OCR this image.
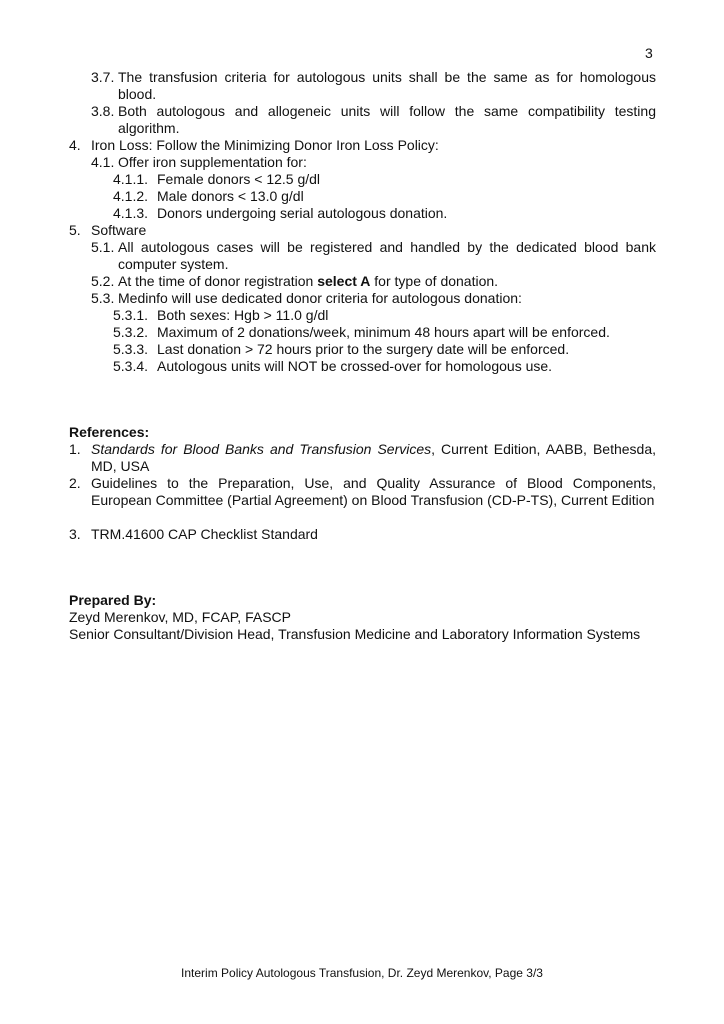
3
3.7. The transfusion criteria for autologous units shall be the same as for homologous blood.
3.8. Both autologous and allogeneic units will follow the same compatibility testing algorithm.
4. Iron Loss: Follow the Minimizing Donor Iron Loss Policy:
4.1. Offer iron supplementation for:
4.1.1. Female donors < 12.5 g/dl
4.1.2. Male donors < 13.0 g/dl
4.1.3. Donors undergoing serial autologous donation.
5. Software
5.1. All autologous cases will be registered and handled by the dedicated blood bank computer system.
5.2. At the time of donor registration select A for type of donation.
5.3. Medinfo will use dedicated donor criteria for autologous donation:
5.3.1. Both sexes: Hgb > 11.0 g/dl
5.3.2. Maximum of 2 donations/week, minimum 48 hours apart will be enforced.
5.3.3. Last donation > 72 hours prior to the surgery date will be enforced.
5.3.4. Autologous units will NOT be crossed-over for homologous use.
References:
1. Standards for Blood Banks and Transfusion Services, Current Edition, AABB, Bethesda, MD, USA
2. Guidelines to the Preparation, Use, and Quality Assurance of Blood Components, European Committee (Partial Agreement) on Blood Transfusion (CD-P-TS), Current Edition
3. TRM.41600 CAP Checklist Standard
Prepared By:
Zeyd Merenkov, MD, FCAP, FASCP
Senior Consultant/Division Head, Transfusion Medicine and Laboratory Information Systems
Interim Policy Autologous Transfusion, Dr. Zeyd Merenkov, Page 3/3
